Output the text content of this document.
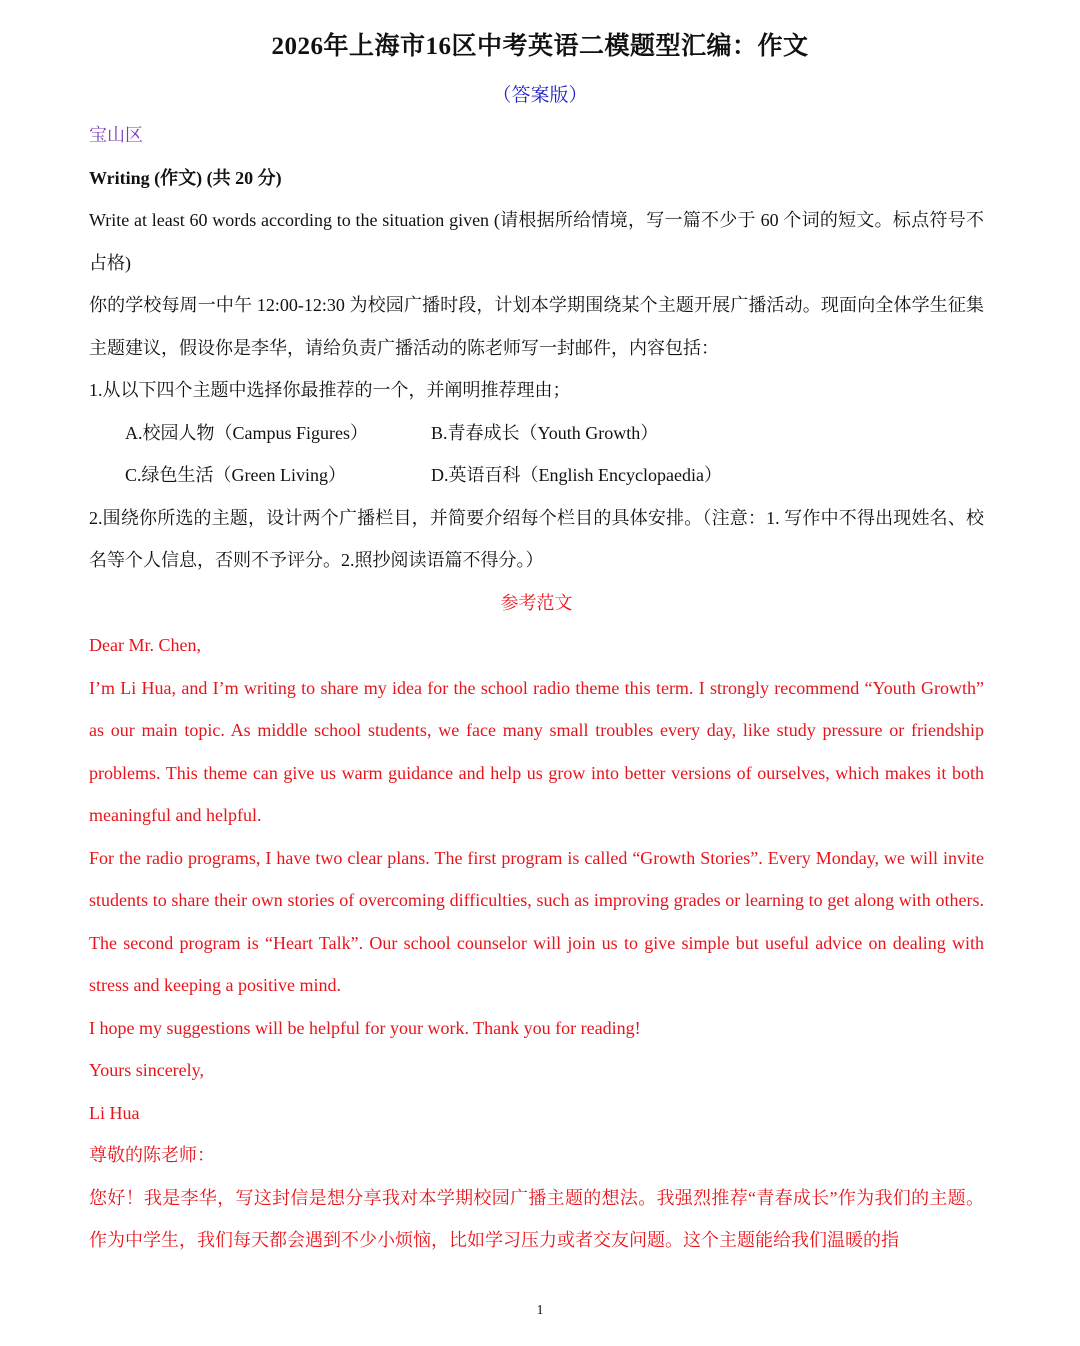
2026年上海市16区中考英语二模题型汇编：作文
（答案版）

宝山区

Writing (作文) (共 20 分)

Write at least 60 words according to the situation given (请根据所给情境，写一篇不少于 60 个词的短文。标点符号不占格)

你的学校每周一中午 12:00-12:30 为校园广播时段，计划本学期围绕某个主题开展广播活动。现面向全体学生征集主题建议，假设你是李华，请给负责广播活动的陈老师写一封邮件，内容包括：

1.从以下四个主题中选择你最推荐的一个，并阐明推荐理由；

A.校园人物（Campus Figures）	B.青春成长（Youth Growth）
C.绿色生活（Green Living）	D.英语百科（English Encyclopaedia）

2.围绕你所选的主题，设计两个广播栏目，并简要介绍每个栏目的具体安排。（注意：1. 写作中不得出现姓名、校名等个人信息，否则不予评分。2.照抄阅读语篇不得分。）

参考范文

Dear Mr. Chen,

I’m Li Hua, and I’m writing to share my idea for the school radio theme this term. I strongly recommend “Youth Growth” as our main topic. As middle school students, we face many small troubles every day, like study pressure or friendship problems. This theme can give us warm guidance and help us grow into better versions of ourselves, which makes it both meaningful and helpful.

For the radio programs, I have two clear plans. The first program is called “Growth Stories”. Every Monday, we will invite students to share their own stories of overcoming difficulties, such as improving grades or learning to get along with others. The second program is “Heart Talk”. Our school counselor will join us to give simple but useful advice on dealing with stress and keeping a positive mind.

I hope my suggestions will be helpful for your work. Thank you for reading!

Yours sincerely,

Li Hua

尊敬的陈老师：

您好！我是李华，写这封信是想分享我对本学期校园广播主题的想法。我强烈推荐“青春成长”作为我们的主题。作为中学生，我们每天都会遇到不少小烦恼，比如学习压力或者交友问题。这个主题能给我们温暖的指

1
